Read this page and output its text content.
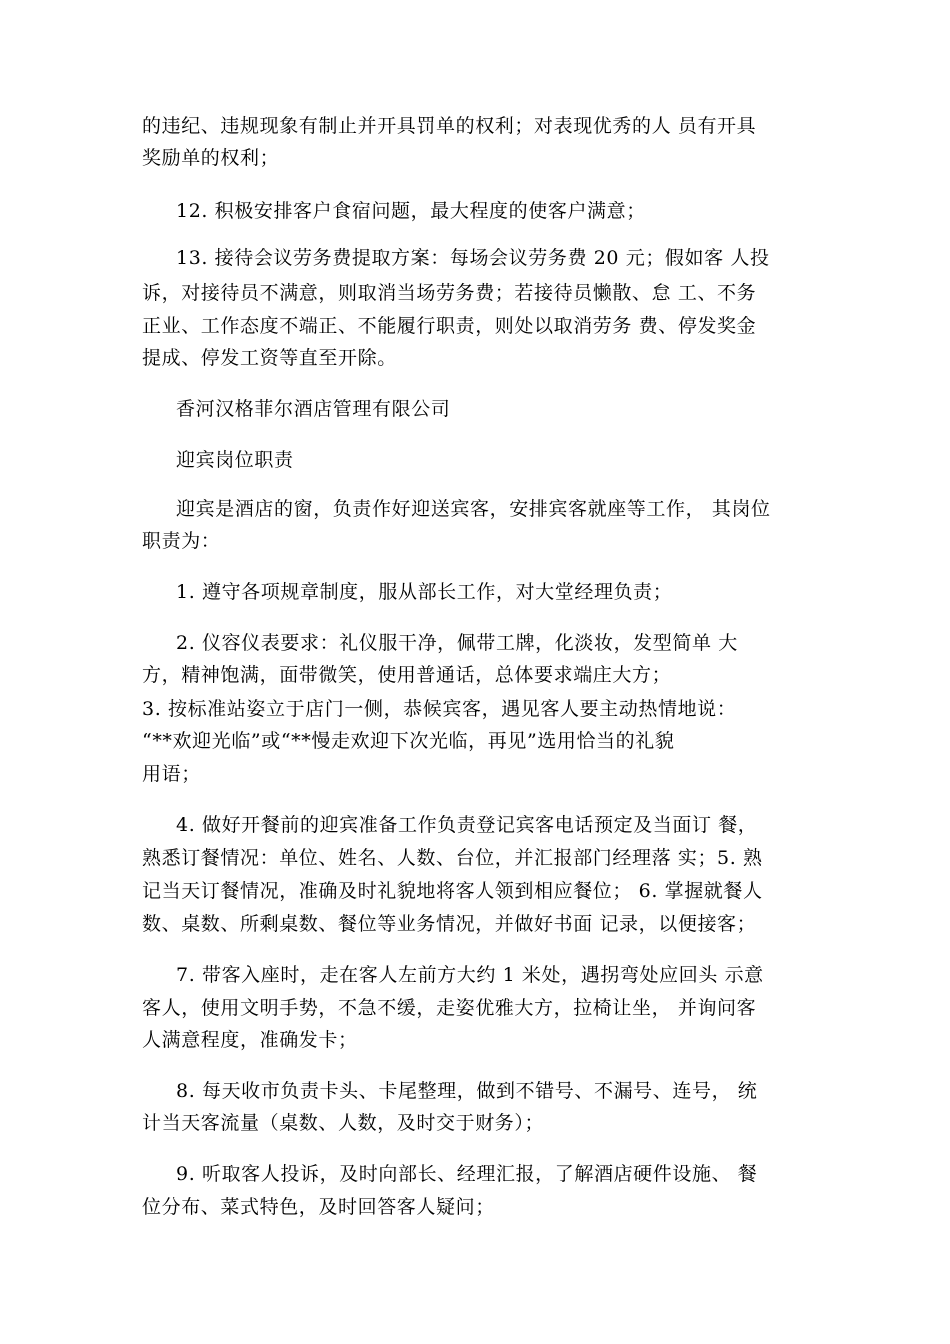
的违纪、违规现象有制止并开具罚单的权利；对表现优秀的人 员有开具
奖励单的权利；
12. 积极安排客户食宿问题，最大程度的使客户满意；
13. 接待会议劳务费提取方案：每场会议劳务费 20 元；假如客 人投
诉，对接待员不满意，则取消当场劳务费；若接待员懒散、怠 工、不务
正业、工作态度不端正、不能履行职责，则处以取消劳务 费、停发奖金
提成、停发工资等直至开除。
香河汉格菲尔酒店管理有限公司
迎宾岗位职责
迎宾是酒店的窗，负责作好迎送宾客，安排宾客就座等工作， 其岗位
职责为：
1. 遵守各项规章制度，服从部长工作，对大堂经理负责；
2. 仪容仪表要求：礼仪服干净，佩带工牌，化淡妆，发型简单 大
方，精神饱满，面带微笑，使用普通话，总体要求端庄大方；
3. 按标准站姿立于店门一侧，恭候宾客，遇见客人要主动热情地说：
“**欢迎光临”或“**慢走欢迎下次光临，再见”选用恰当的礼貌
用语；
4. 做好开餐前的迎宾准备工作负责登记宾客电话预定及当面订 餐，
熟悉订餐情况：单位、姓名、人数、台位，并汇报部门经理落 实；5. 熟
记当天订餐情况，准确及时礼貌地将客人领到相应餐位； 6. 掌握就餐人
数、桌数、所剩桌数、餐位等业务情况，并做好书面 记录，以便接客；
7. 带客入座时，走在客人左前方大约 1 米处，遇拐弯处应回头 示意
客人，使用文明手势，不急不缓，走姿优雅大方，拉椅让坐， 并询问客
人满意程度，准确发卡；
8. 每天收市负责卡头、卡尾整理，做到不错号、不漏号、连号， 统
计当天客流量（桌数、人数，及时交于财务）；
9. 听取客人投诉，及时向部长、经理汇报，了解酒店硬件设施、 餐
位分布、菜式特色，及时回答客人疑问；
